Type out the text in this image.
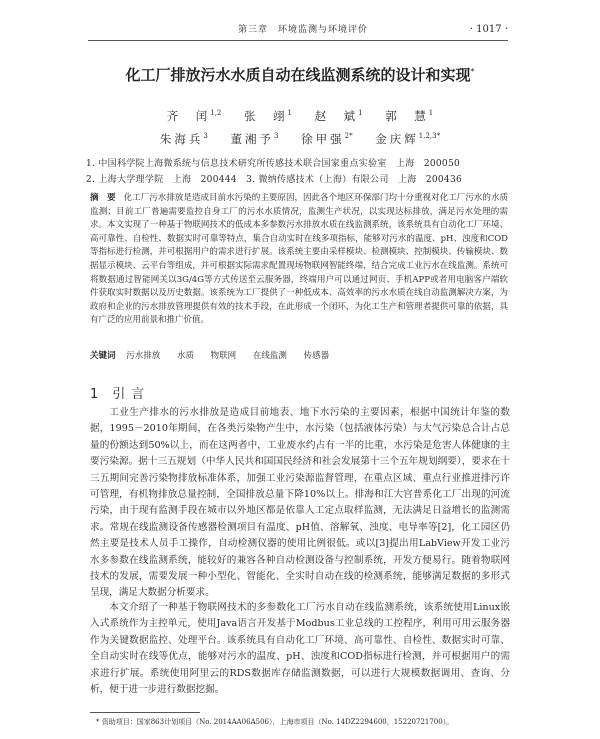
第三章　环境监测与环境评价	· 1017 ·
化工厂排放污水水质自动在线监测系统的设计和实现*
齐　闰$^{1,2}$ 张　翊$^1$ 赵　斌$^1$ 郭　慧$^1$
朱海兵$^3$ 董湘予$^3$ 徐甲强$^{2*}$ 金庆辉$^{1,2,3*}$
1. 中国科学院上海微系统与信息技术研究所传感技术联合国家重点实验室　上海　200050
2. 上海大学理学院　上海　200444　3. 微纳传感技术（上海）有限公司　上海　200436
摘　要 化工厂污水排放是造成目前水污染的主要原因，因此各个地区环保部门均十分重视对化工厂污水的水质监测；目前工厂普遍需要监控自身工厂的污水水质情况，监测生产状况，以实现达标排放，满足污水处理的需求。本文实现了一种基于物联网技术的低成本多参数污水排放水质在线监测系统，该系统具有自动化工厂环境、高可靠性、自检性、数据实时可靠等特点，集合自动实时在线多项指标，能够对污水的温度、pH、浊度和COD等指标进行检测，并可根据用户的需求进行扩展。该系统主要由采样模块、检测模块、控制模块、传输模块、数据显示模块、云平台等组成，并可根据实际需求配置现场物联网智能终端，结合完成工业污水在线监测。系统可将数据通过智能网关以3G/4G等方式传送至云服务器，终端用户可以通过网页、手机APP或者用电脑客户端软件获取实时数据以及历史数据。该系统为工厂提供了一种低成本、高效率的污水水质在线自动监测解决方案，为政府和企业的污水排放管理提供有效的技术手段，在此形成一个闭环，为化工生产和管理者提供可靠的依据，具有广泛的应用前景和推广价值。
关键词 污水排放 水质 物联网 在线监测 传感器
1 引言

工业生产排水的污水排放是造成目前地表、地下水污染的主要因素，根据中国统计年鉴的数据，1995－2010年期间，在各类污染物产生中，水污染（包括液体污染）与大气污染总合计占总量的份额达到50%以上，而在这两者中，工业废水约占有一半的比重，水污染是危害人体健康的主要污染源。据十三五规划（中华人民共和国国民经济和社会发展第十三个五年规划纲要），要求在十三五期间完善污染物排放标准体系，加强工业污染源监督管理，在重点区域、重点行业推进排污许可管理，有机物排放总量控制，全国排放总量下降10%以上。排海和江大宫普系化工厂出现的河流污染，由于现有监测手段在城市以外地区都是依靠人工定点取样监测，无法满足日益增长的监测需求。常规在线监测设备传感器检测项目有温度、pH值、溶解氧、浊度、电导率等[2]，化工园区仍然主要是技术人员手工操作，自动检测仪器的使用比例很低。或以[3]提出用LabView开发工业污水多参数在线监测系统，能较好的兼容各种自动检测设备与控制系统，开发方便易行。随着物联网技术的发展，需要发展一种小型化、智能化、全实时自动在线的检测系统，能够满足数据的多形式呈现，满足大数据分析要求。

本文介绍了一种基于物联网技术的多参数化工厂污水自动在线监测系统，该系统使用Linux嵌入式系统作为主控单元，使用Java语言开发基于Modbus工业总线的工控程序，利用可用云服务器作为关键数据监控、处理平台。该系统具有自动化工厂环境、高可靠性、自检性、数据实时可靠、全自动实时在线等优点，能够对污水的温度、pH、浊度和COD指标进行检测，并可根据用户的需求进行扩展。系统使用阿里云的RDS数据库存储监测数据，可以进行大规模数据调用、查询、分析，便于进一步进行数据挖掘。

* 资助项目：国家863计划项目（No. 2014AA06A506），上海市项目（No. 14DZ2294600，15220721700）。
